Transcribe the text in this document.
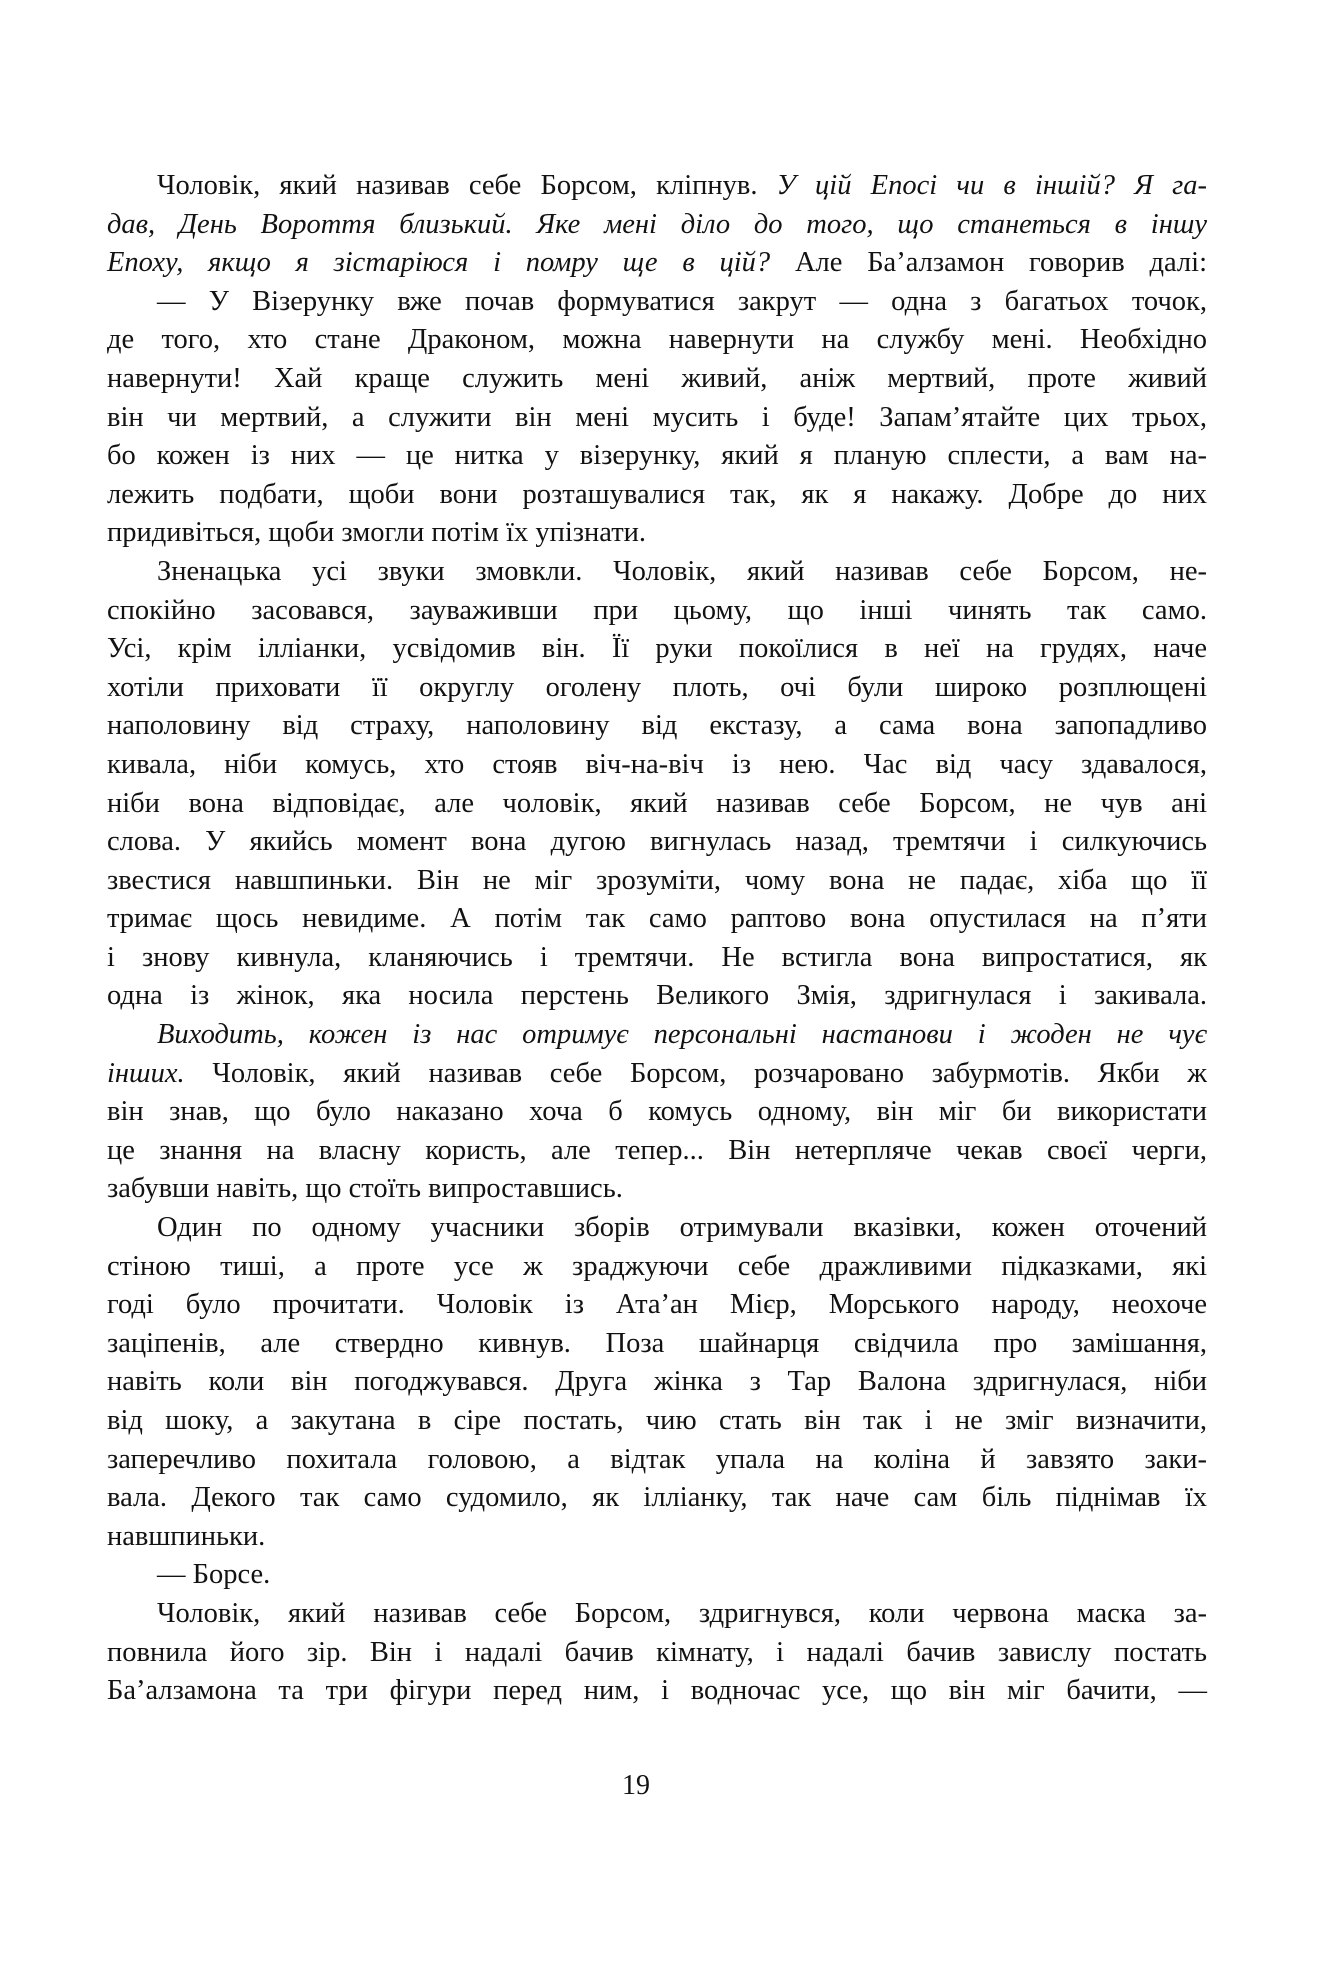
Чоловік, який називав себе Борсом, кліпнув. У цій Епосі чи в іншій? Я га-
дав, День Вороття близький. Яке мені діло до того, що станеться в іншу
Епоху, якщо я зістаріюся і помру ще в цій? Але Ба’алзамон говорив далі:
— У Візерунку вже почав формуватися закрут — одна з багатьох точок,
де того, хто стане Драконом, можна навернути на службу мені. Необхідно
навернути! Хай краще служить мені живий, аніж мертвий, проте живий
він чи мертвий, а служити він мені мусить і буде! Запам’ятайте цих трьох,
бо кожен із них — це нитка у візерунку, який я планую сплести, а вам на-
лежить подбати, щоби вони розташувалися так, як я накажу. Добре до них
придивіться, щоби змогли потім їх упізнати.
Зненацька усі звуки змовкли. Чоловік, який називав себе Борсом, не-
спокійно засовався, зауваживши при цьому, що інші чинять так само.
Усі, крім ілліанки, усвідомив він. Її руки покоїлися в неї на грудях, наче
хотіли приховати її округлу оголену плоть, очі були широко розплющені
наполовину від страху, наполовину від екстазу, а сама вона запопадливо
кивала, ніби комусь, хто стояв віч-на-віч із нею. Час від часу здавалося,
ніби вона відповідає, але чоловік, який називав себе Борсом, не чув ані
слова. У якийсь момент вона дугою вигнулась назад, тремтячи і силкуючись
звестися навшпиньки. Він не міг зрозуміти, чому вона не падає, хіба що її
тримає щось невидиме. А потім так само раптово вона опустилася на п’яти
і знову кивнула, кланяючись і тремтячи. Не встигла вона випростатися, як
одна із жінок, яка носила перстень Великого Змія, здригнулася і закивала.
Виходить, кожен із нас отримує персональні настанови і жоден не чує
інших. Чоловік, який називав себе Борсом, розчаровано забурмотів. Якби ж
він знав, що було наказано хоча б комусь одному, він міг би використати
це знання на власну користь, але тепер... Він нетерпляче чекав своєї черги,
забувши навіть, що стоїть випроставшись.
Один по одному учасники зборів отримували вказівки, кожен оточений
стіною тиші, а проте усе ж зраджуючи себе дражливими підказками, які
годі було прочитати. Чоловік із Ата’ан Мієр, Морського народу, неохоче
заціпенів, але ствердно кивнув. Поза шайнарця свідчила про замішання,
навіть коли він погоджувався. Друга жінка з Тар Валона здригнулася, ніби
від шоку, а закутана в сіре постать, чию стать він так і не зміг визначити,
заперечливо похитала головою, а відтак упала на коліна й завзято заки-
вала. Декого так само судомило, як ілліанку, так наче сам біль піднімав їх
навшпиньки.
— Борсе.
Чоловік, який називав себе Борсом, здригнувся, коли червона маска за-
повнила його зір. Він і надалі бачив кімнату, і надалі бачив завислу постать
Ба’алзамона та три фігури перед ним, і водночас усе, що він міг бачити, —
19
